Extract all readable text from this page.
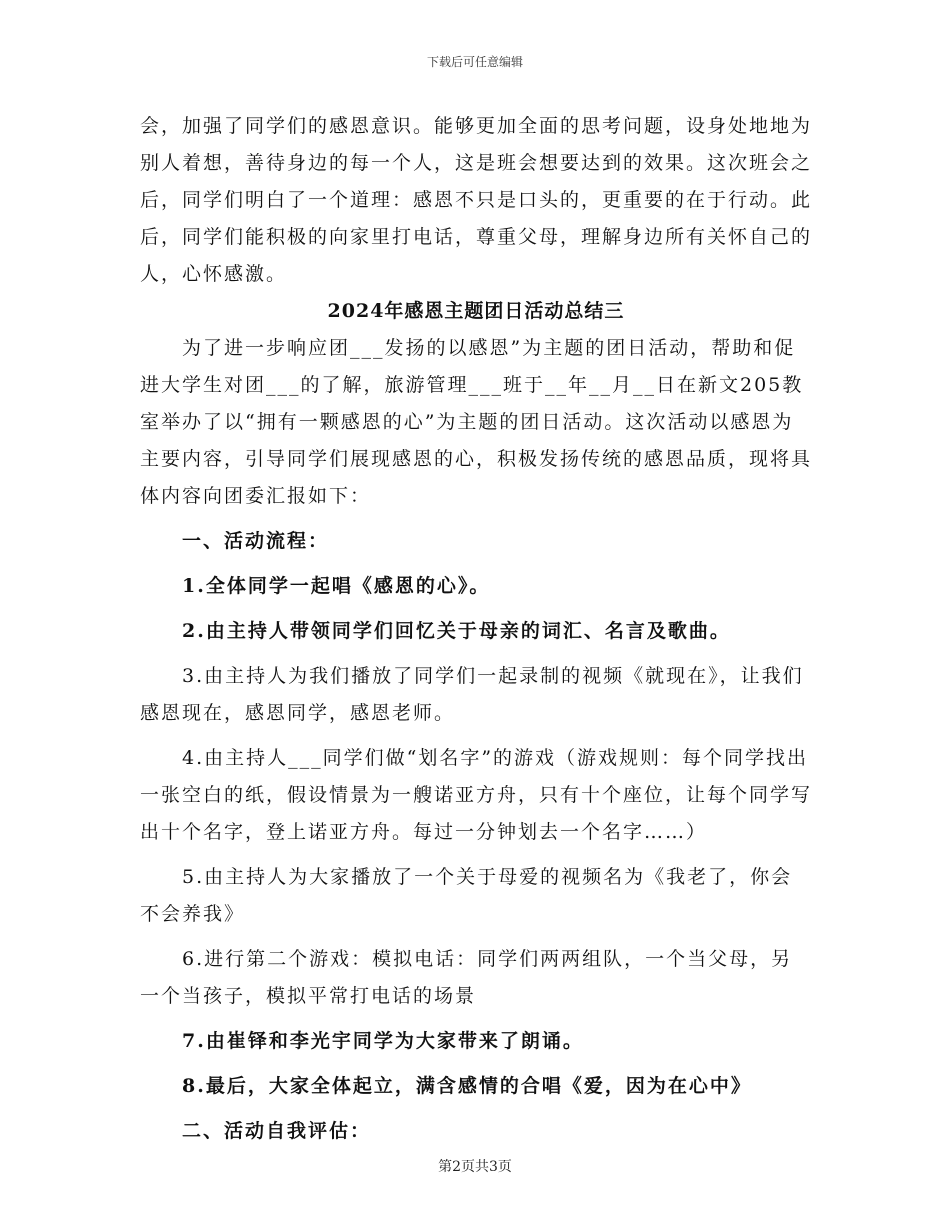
下载后可任意编辑

会，加强了同学们的感恩意识。能够更加全面的思考问题，设身处地地为别人着想，善待身边的每一个人，这是班会想要达到的效果。这次班会之后，同学们明白了一个道理：感恩不只是口头的，更重要的在于行动。此后，同学们能积极的向家里打电话，尊重父母，理解身边所有关怀自己的人，心怀感激。

2024年感恩主题团日活动总结三

为了进一步响应团___发扬的以感恩”为主题的团日活动，帮助和促进大学生对团___的了解，旅游管理___班于__年__月__日在新文205教室举办了以“拥有一颗感恩的心”为主题的团日活动。这次活动以感恩为主要内容，引导同学们展现感恩的心，积极发扬传统的感恩品质，现将具体内容向团委汇报如下：

一、活动流程：

1.全体同学一起唱《感恩的心》。

2.由主持人带领同学们回忆关于母亲的词汇、名言及歌曲。

3.由主持人为我们播放了同学们一起录制的视频《就现在》，让我们感恩现在，感恩同学，感恩老师。

4.由主持人___同学们做“划名字”的游戏（游戏规则：每个同学找出一张空白的纸，假设情景为一艘诺亚方舟，只有十个座位，让每个同学写出十个名字，登上诺亚方舟。每过一分钟划去一个名字……）

5.由主持人为大家播放了一个关于母爱的视频名为《我老了，你会不会养我》

6.进行第二个游戏：模拟电话：同学们两两组队，一个当父母，另一个当孩子，模拟平常打电话的场景

7.由崔铎和李光宇同学为大家带来了朗诵。

8.最后，大家全体起立，满含感情的合唱《爱，因为在心中》

二、活动自我评估：

第2页共3页
